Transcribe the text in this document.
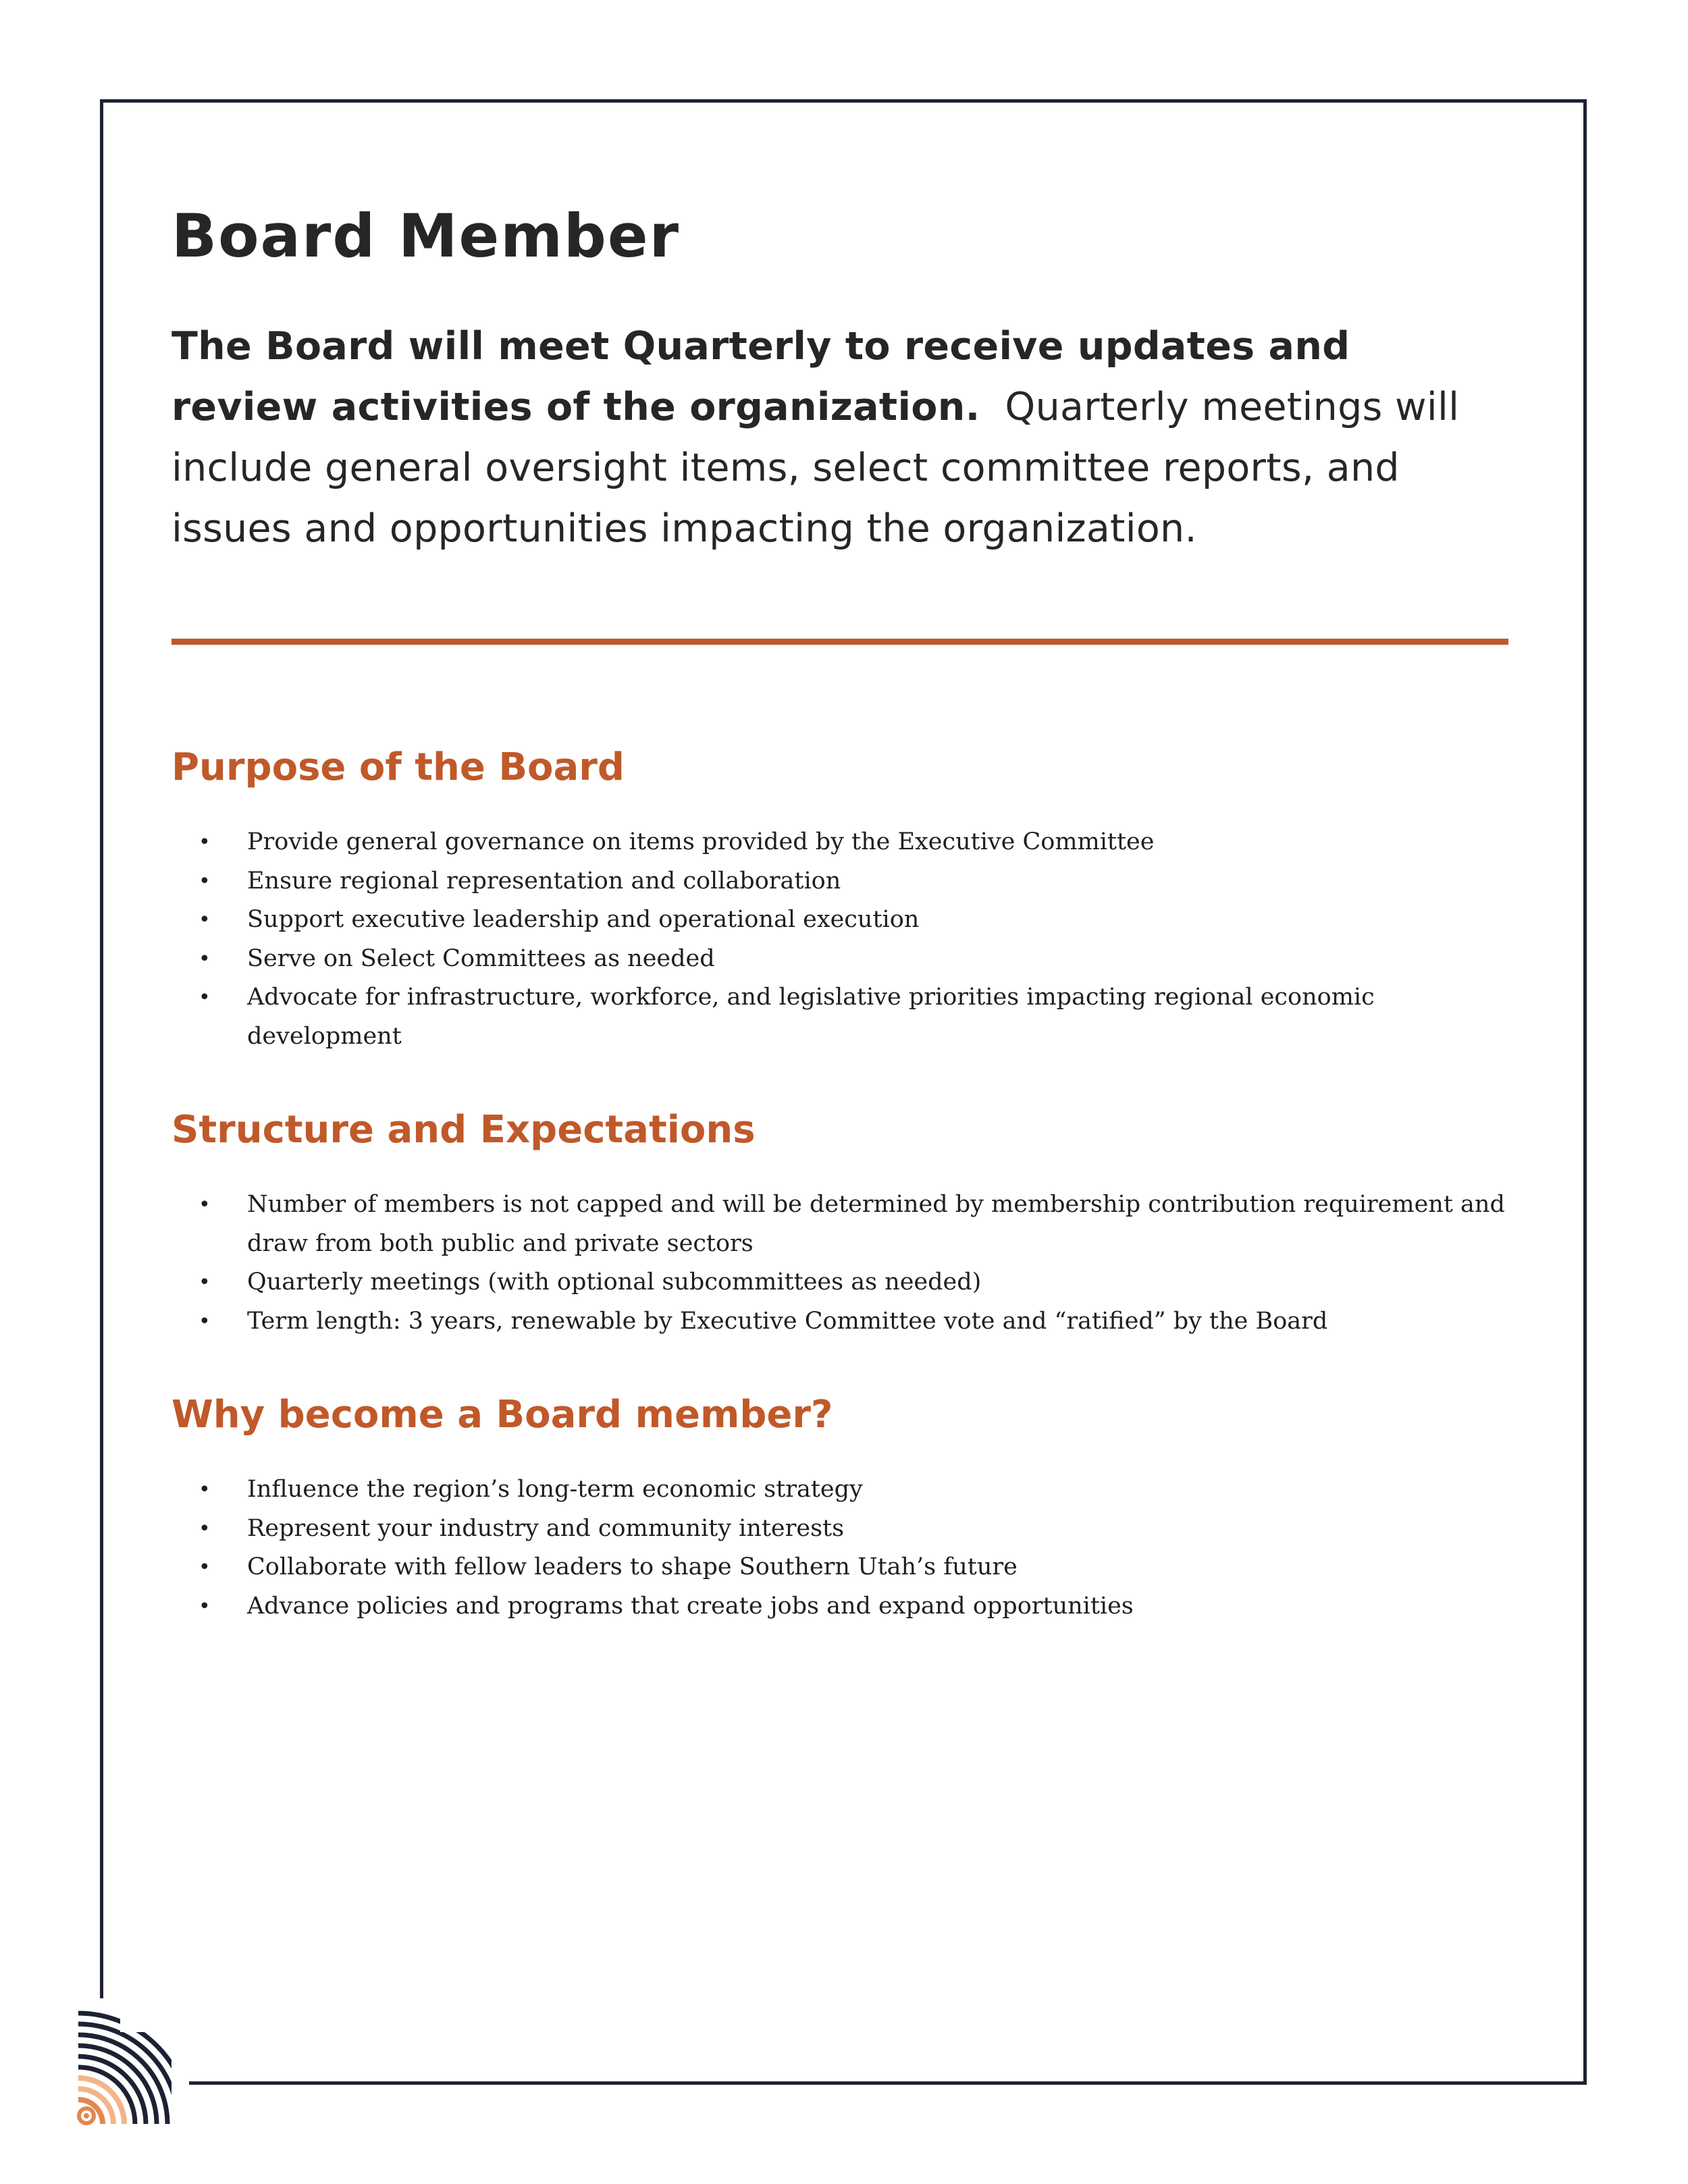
Board Member

The Board will meet Quarterly to receive updates and review activities of the organization. Quarterly meetings will include general oversight items, select committee reports, and issues and opportunities impacting the organization.

Purpose of the Board
• Provide general governance on items provided by the Executive Committee
• Ensure regional representation and collaboration
• Support executive leadership and operational execution
• Serve on Select Committees as needed
• Advocate for infrastructure, workforce, and legislative priorities impacting regional economic development
Structure and Expectations
• Number of members is not capped and will be determined by membership contribution requirement and draw from both public and private sectors
• Quarterly meetings (with optional subcommittees as needed)
• Term length: 3 years, renewable by Executive Committee vote and “ratified” by the Board
Why become a Board member?
• Influence the region’s long-term economic strategy
• Represent your industry and community interests
• Collaborate with fellow leaders to shape Southern Utah’s future
• Advance policies and programs that create jobs and expand opportunities
